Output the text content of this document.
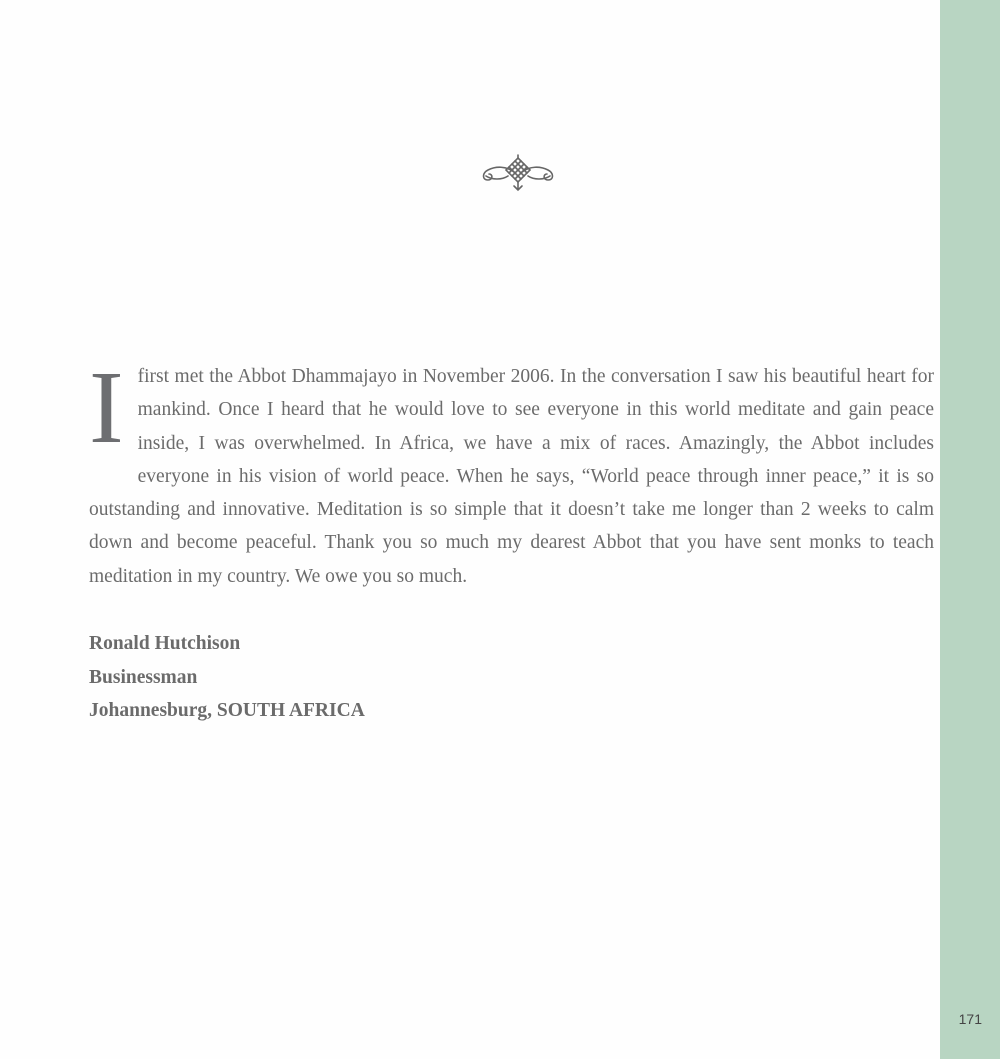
Ifirst met the Abbot Dhammajayo in November 2006. In the conversation I saw his beautiful heart for mankind. Once I heard that he would love to see everyone in this world meditate and gain peace inside, I was overwhelmed. In Africa, we have a mix of races. Amazingly, the Abbot includes everyone in his vision of world peace. When he says, “World peace through inner peace,” it is so outstanding and innovative. Meditation is so simple that it doesn’t take me longer than 2 weeks to calm down and become peaceful. Thank you so much my dearest Abbot that you have sent monks to teach meditation in my country. We owe you so much.

Ronald Hutchison
Businessman
Johannesburg, SOUTH AFRICA
171
